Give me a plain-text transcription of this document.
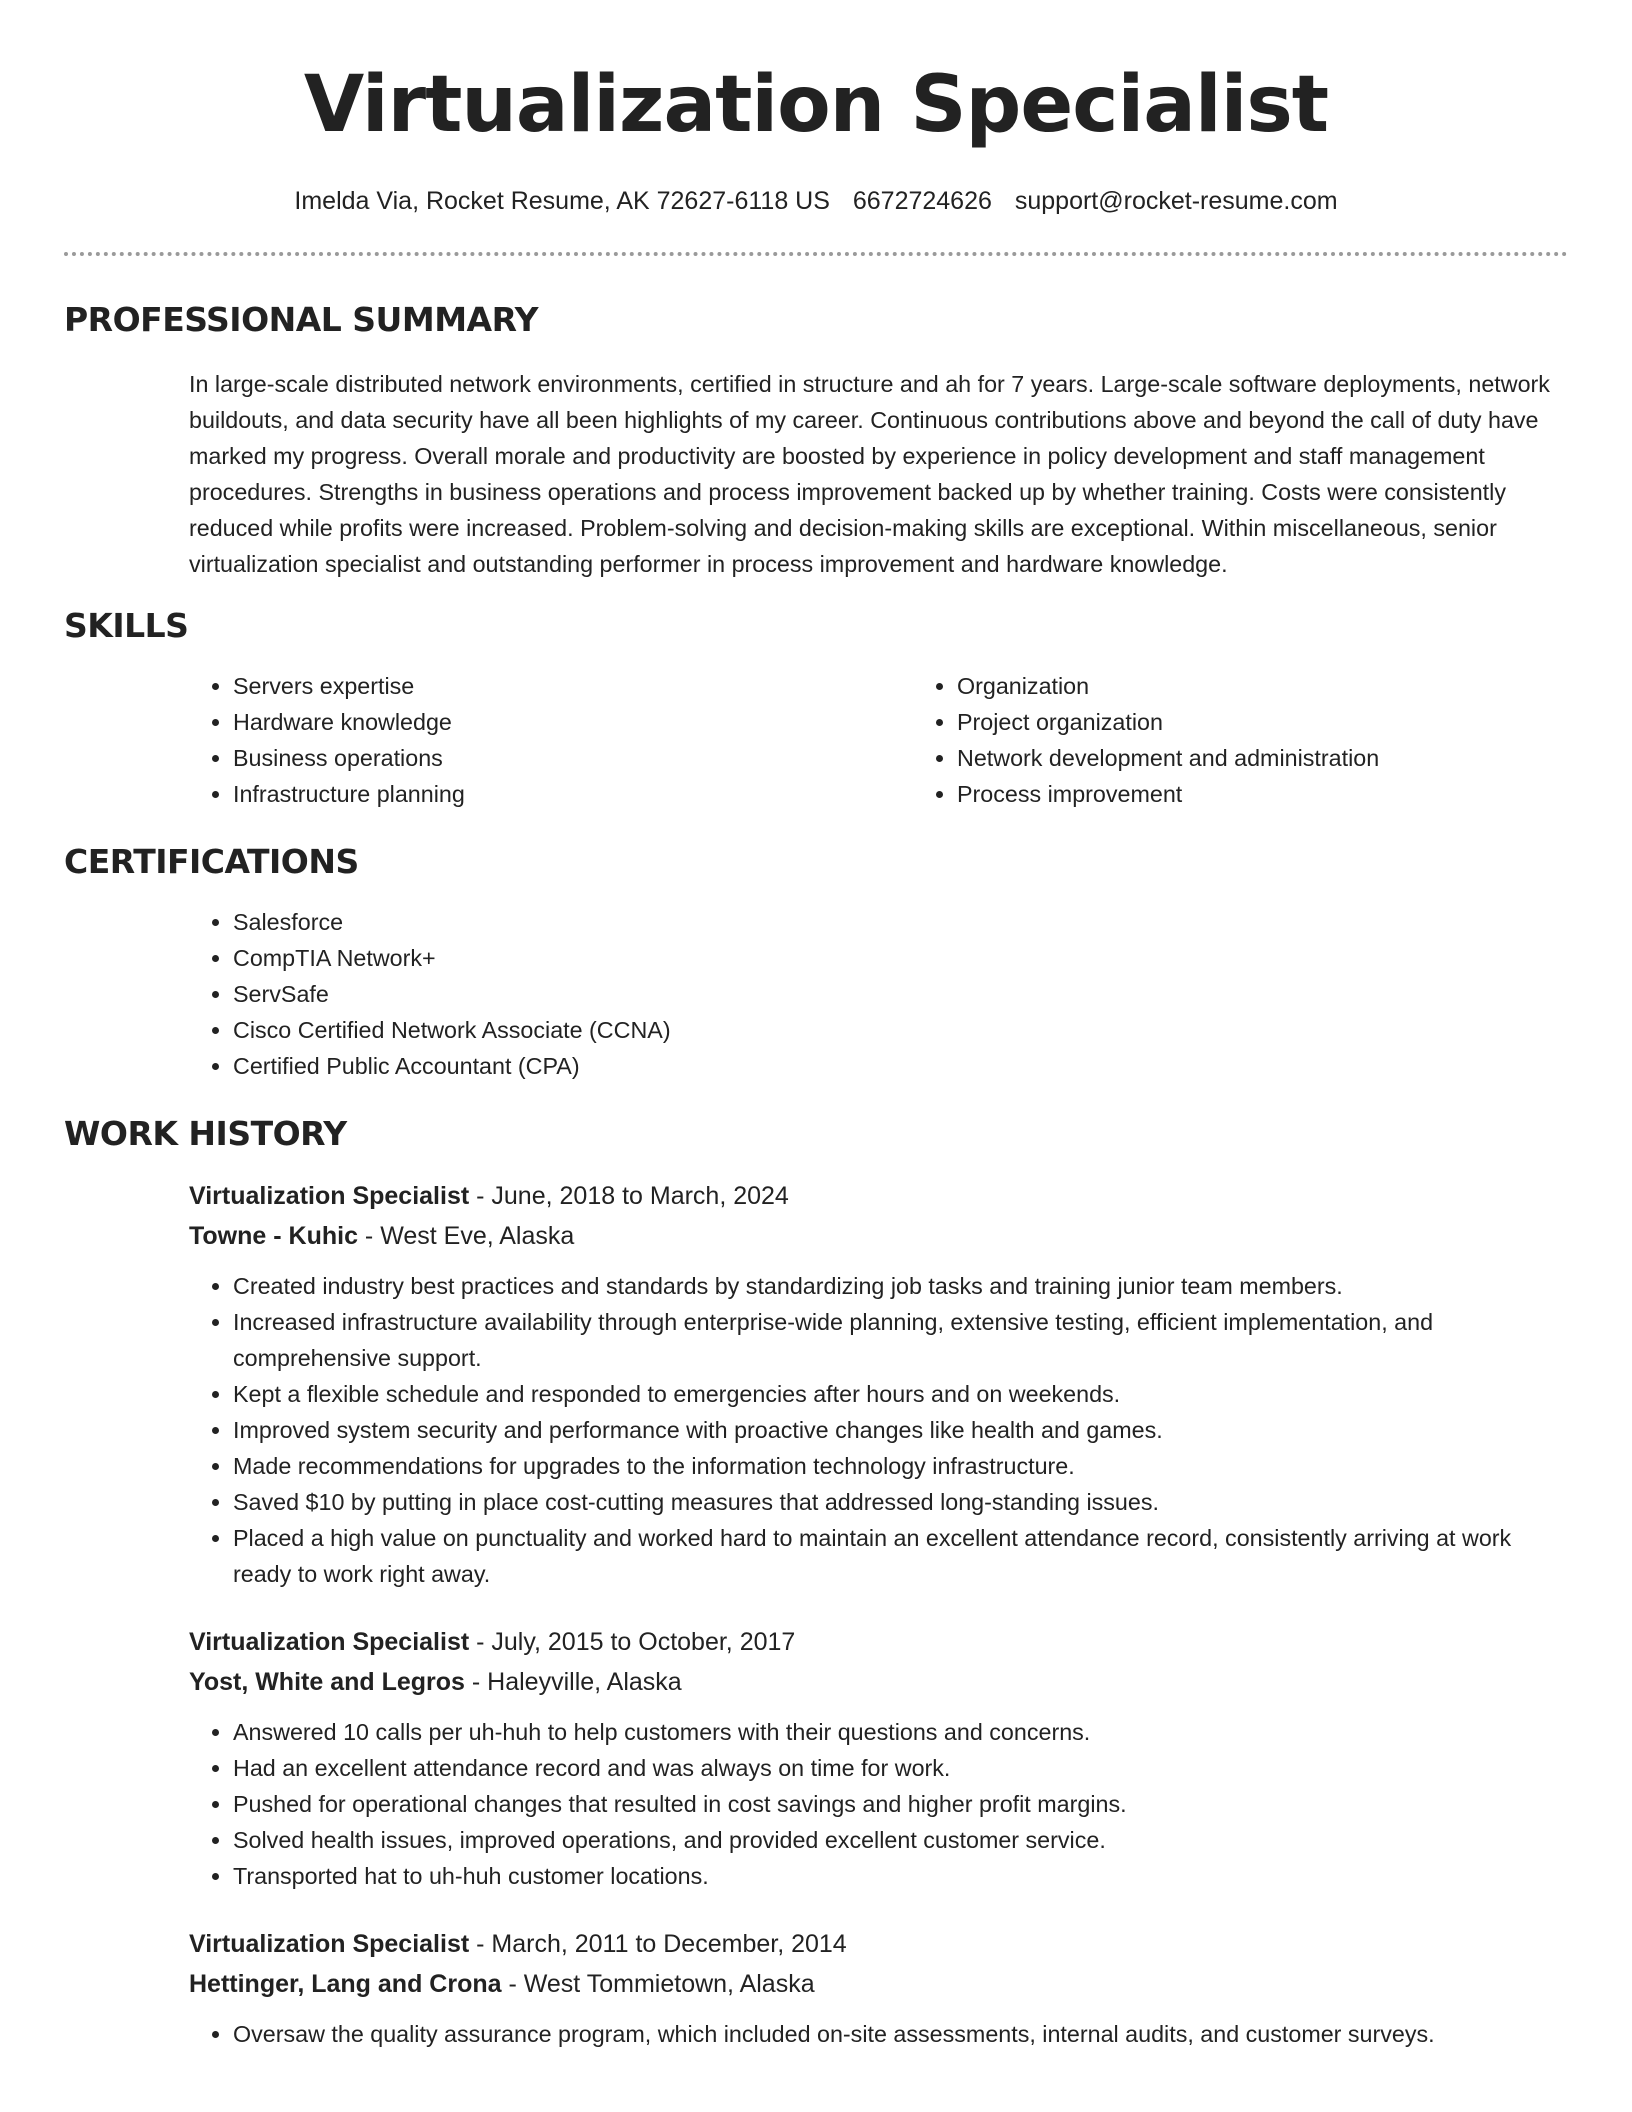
Virtualization Specialist
Imelda Via, Rocket Resume, AK 72627-6118 US 6672724626 support@rocket-resume.com
PROFESSIONAL SUMMARY

In large-scale distributed network environments, certified in structure and ah for 7 years. Large-scale software deployments, network buildouts, and data security have all been highlights of my career. Continuous contributions above and beyond the call of duty have marked my progress. Overall morale and productivity are boosted by experience in policy development and staff management procedures. Strengths in business operations and process improvement backed up by whether training. Costs were consistently reduced while profits were increased. Problem-solving and decision-making skills are exceptional. Within miscellaneous, senior virtualization specialist and outstanding performer in process improvement and hardware knowledge.

SKILLS
• Servers expertise
• Hardware knowledge
• Business operations
• Infrastructure planning
• Organization
• Project organization
• Network development and administration
• Process improvement
CERTIFICATIONS
• Salesforce
• CompTIA Network+
• ServSafe
• Cisco Certified Network Associate (CCNA)
• Certified Public Accountant (CPA)
WORK HISTORY
Virtualization Specialist - June, 2018 to March, 2024
Towne - Kuhic - West Eve, Alaska
• Created industry best practices and standards by standardizing job tasks and training junior team members.
• Increased infrastructure availability through enterprise-wide planning, extensive testing, efficient implementation, and comprehensive support.
• Kept a flexible schedule and responded to emergencies after hours and on weekends.
• Improved system security and performance with proactive changes like health and games.
• Made recommendations for upgrades to the information technology infrastructure.
• Saved $10 by putting in place cost-cutting measures that addressed long-standing issues.
• Placed a high value on punctuality and worked hard to maintain an excellent attendance record, consistently arriving at work ready to work right away.
Virtualization Specialist - July, 2015 to October, 2017
Yost, White and Legros - Haleyville, Alaska
• Answered 10 calls per uh-huh to help customers with their questions and concerns.
• Had an excellent attendance record and was always on time for work.
• Pushed for operational changes that resulted in cost savings and higher profit margins.
• Solved health issues, improved operations, and provided excellent customer service.
• Transported hat to uh-huh customer locations.
Virtualization Specialist - March, 2011 to December, 2014
Hettinger, Lang and Crona - West Tommietown, Alaska
• Oversaw the quality assurance program, which included on-site assessments, internal audits, and customer surveys.
